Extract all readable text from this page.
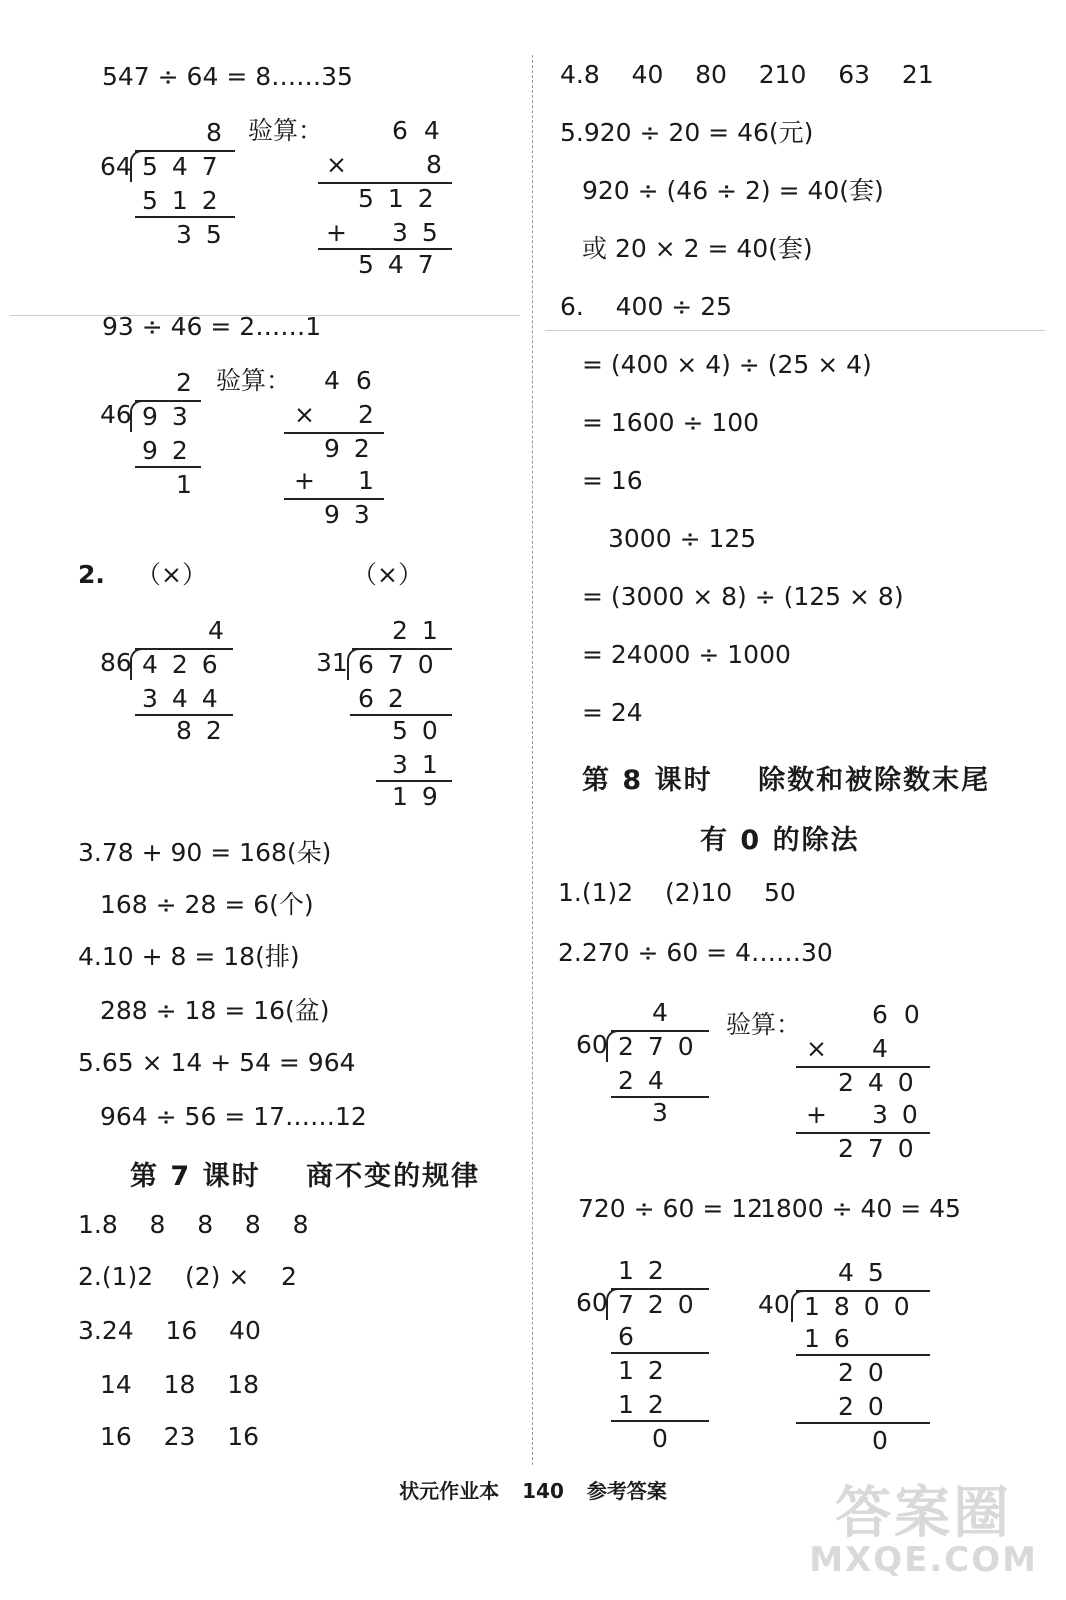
547 ÷ 64 = 8……35
8
64 547
512
35
验算：	64
×	8
512
+ 35
547
93 ÷ 46 = 2……1
2
46 93
92
1
验算： 46
× 2
92
+ 1
93
2. （×）	（×）
4
86 426
344
82
21
31 670
62
50
31
19
3.78 + 90 = 168(朵)
168 ÷ 28 = 6(个)
4.10 + 8 = 18(排)
288 ÷ 18 = 16(盆)
5.65 × 14 + 54 = 964
964 ÷ 56 = 17……12
第 7 课时    商不变的规律
1.8    8    8    8    8
2.(1)2    (2) ×    2
3.24    16    40
14    18    18
16    23    16
4.8    40    80    210    63    21
5.920 ÷ 20 = 46(元)
920 ÷ (46 ÷ 2) = 40(套)
或 20 × 2 = 40(套)
6.    400 ÷ 25
= (400 × 4) ÷ (25 × 4)
= 1600 ÷ 100
= 16
3000 ÷ 125
= (3000 × 8) ÷ (125 × 8)
= 24000 ÷ 1000
= 24
第 8 课时    除数和被除数末尾
有 0 的除法
1.(1)2    (2)10    50
2.270 ÷ 60 = 4……30
4
60 270
24
3
验算：	60
× 4
240
+ 30
270
720 ÷ 60 = 12
1800 ÷ 40 = 45
12
60 720
6
12
12
0
45
40 1800
16
20
20
0
状元作业本 140 参考答案	答案圈
MXQE.COM
